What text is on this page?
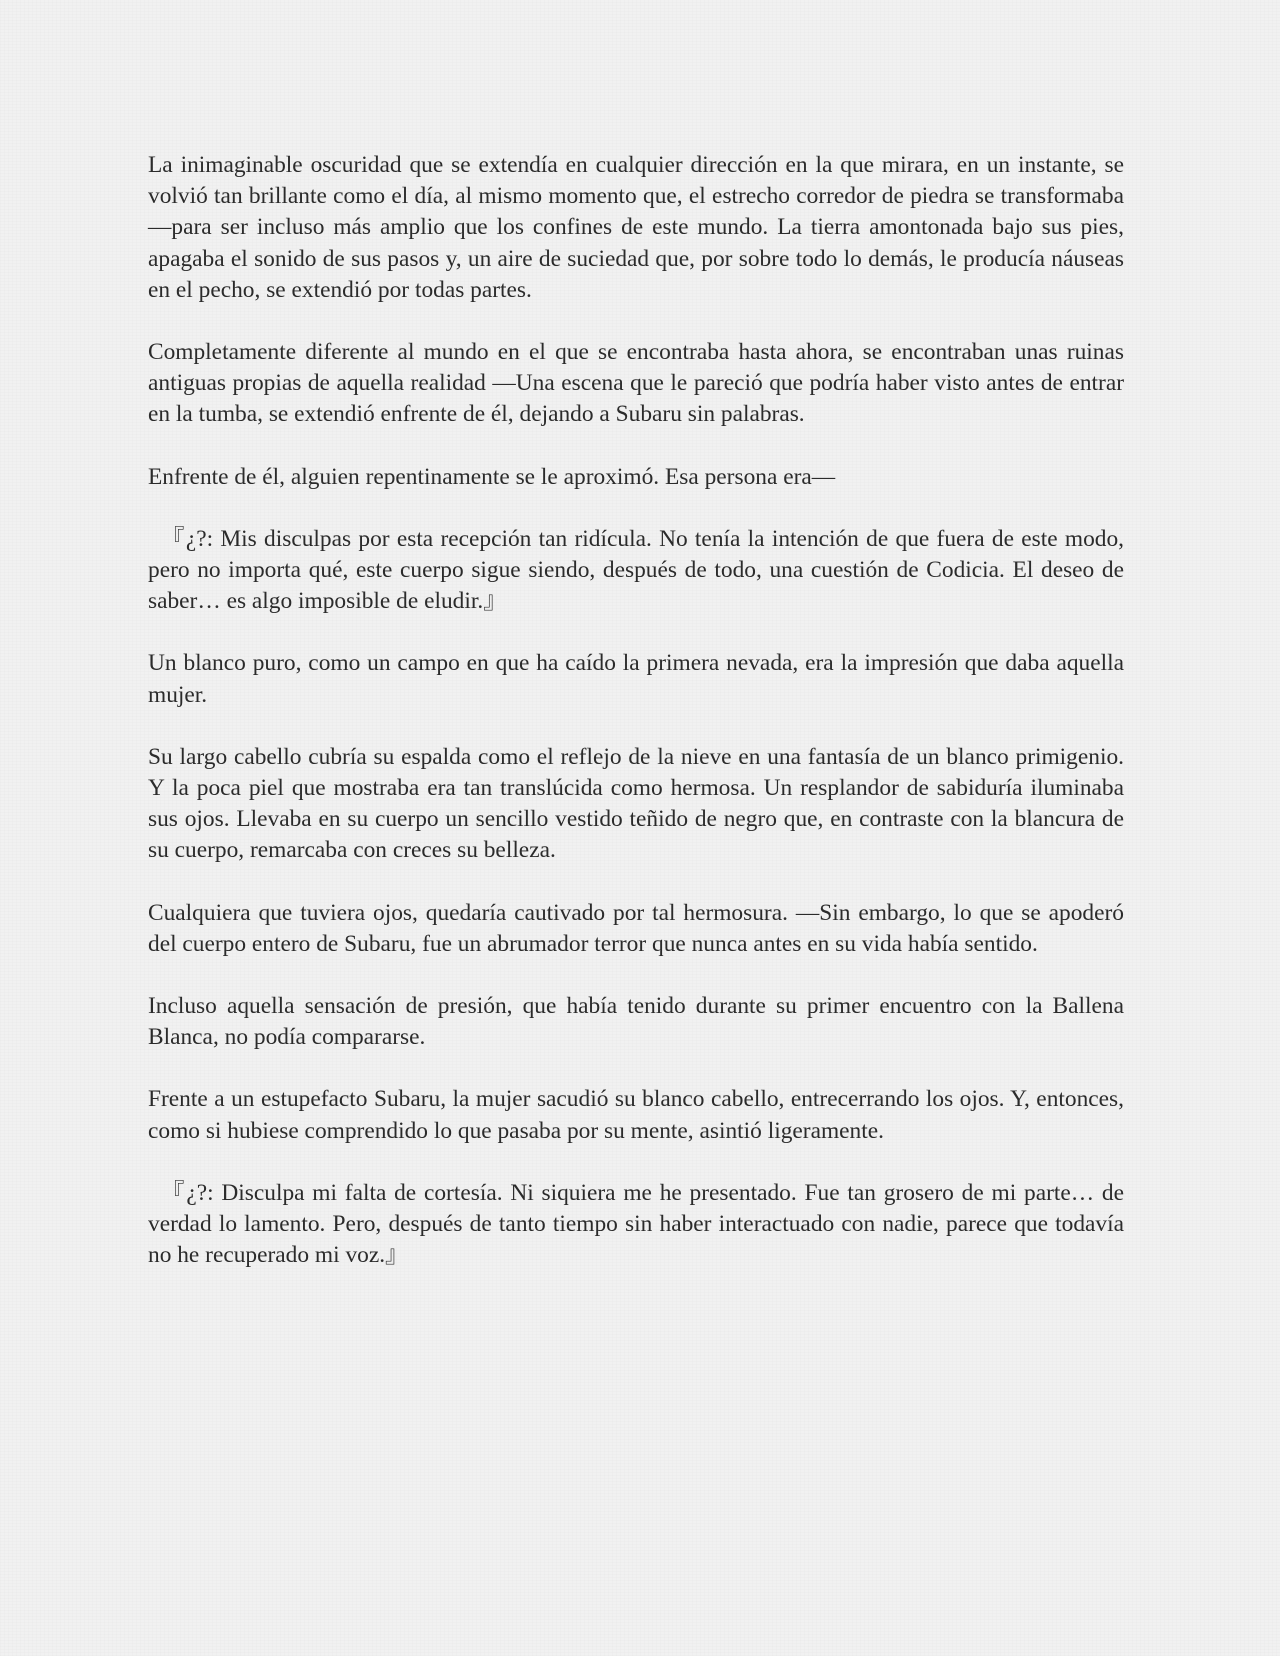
La inimaginable oscuridad que se extendía en cualquier dirección en la que mirara, en un instante, se volvió tan brillante como el día, al mismo momento que, el estrecho corredor de piedra se transformaba —para ser incluso más amplio que los confines de este mundo. La tierra amontonada bajo sus pies, apagaba el sonido de sus pasos y, un aire de suciedad que, por sobre todo lo demás, le producía náuseas en el pecho, se extendió por todas partes.

Completamente diferente al mundo en el que se encontraba hasta ahora, se encontraban unas ruinas antiguas propias de aquella realidad —Una escena que le pareció que podría haber visto antes de entrar en la tumba, se extendió enfrente de él, dejando a Subaru sin palabras.

Enfrente de él, alguien repentinamente se le aproximó. Esa persona era—

『¿?: Mis disculpas por esta recepción tan ridícula. No tenía la intención de que fuera de este modo, pero no importa qué, este cuerpo sigue siendo, después de todo, una cuestión de Codicia. El deseo de saber… es algo imposible de eludir.』

Un blanco puro, como un campo en que ha caído la primera nevada, era la impresión que daba aquella mujer.

Su largo cabello cubría su espalda como el reflejo de la nieve en una fantasía de un blanco primigenio. Y la poca piel que mostraba era tan translúcida como hermosa. Un resplandor de sabiduría iluminaba sus ojos. Llevaba en su cuerpo un sencillo vestido teñido de negro que, en contraste con la blancura de su cuerpo, remarcaba con creces su belleza.

Cualquiera que tuviera ojos, quedaría cautivado por tal hermosura. —Sin embargo, lo que se apoderó del cuerpo entero de Subaru, fue un abrumador terror que nunca antes en su vida había sentido.

Incluso aquella sensación de presión, que había tenido durante su primer encuentro con la Ballena Blanca, no podía compararse.

Frente a un estupefacto Subaru, la mujer sacudió su blanco cabello, entrecerrando los ojos. Y, entonces, como si hubiese comprendido lo que pasaba por su mente, asintió ligeramente.

『¿?: Disculpa mi falta de cortesía. Ni siquiera me he presentado. Fue tan grosero de mi parte… de verdad lo lamento. Pero, después de tanto tiempo sin haber interactuado con nadie, parece que todavía no he recuperado mi voz.』
